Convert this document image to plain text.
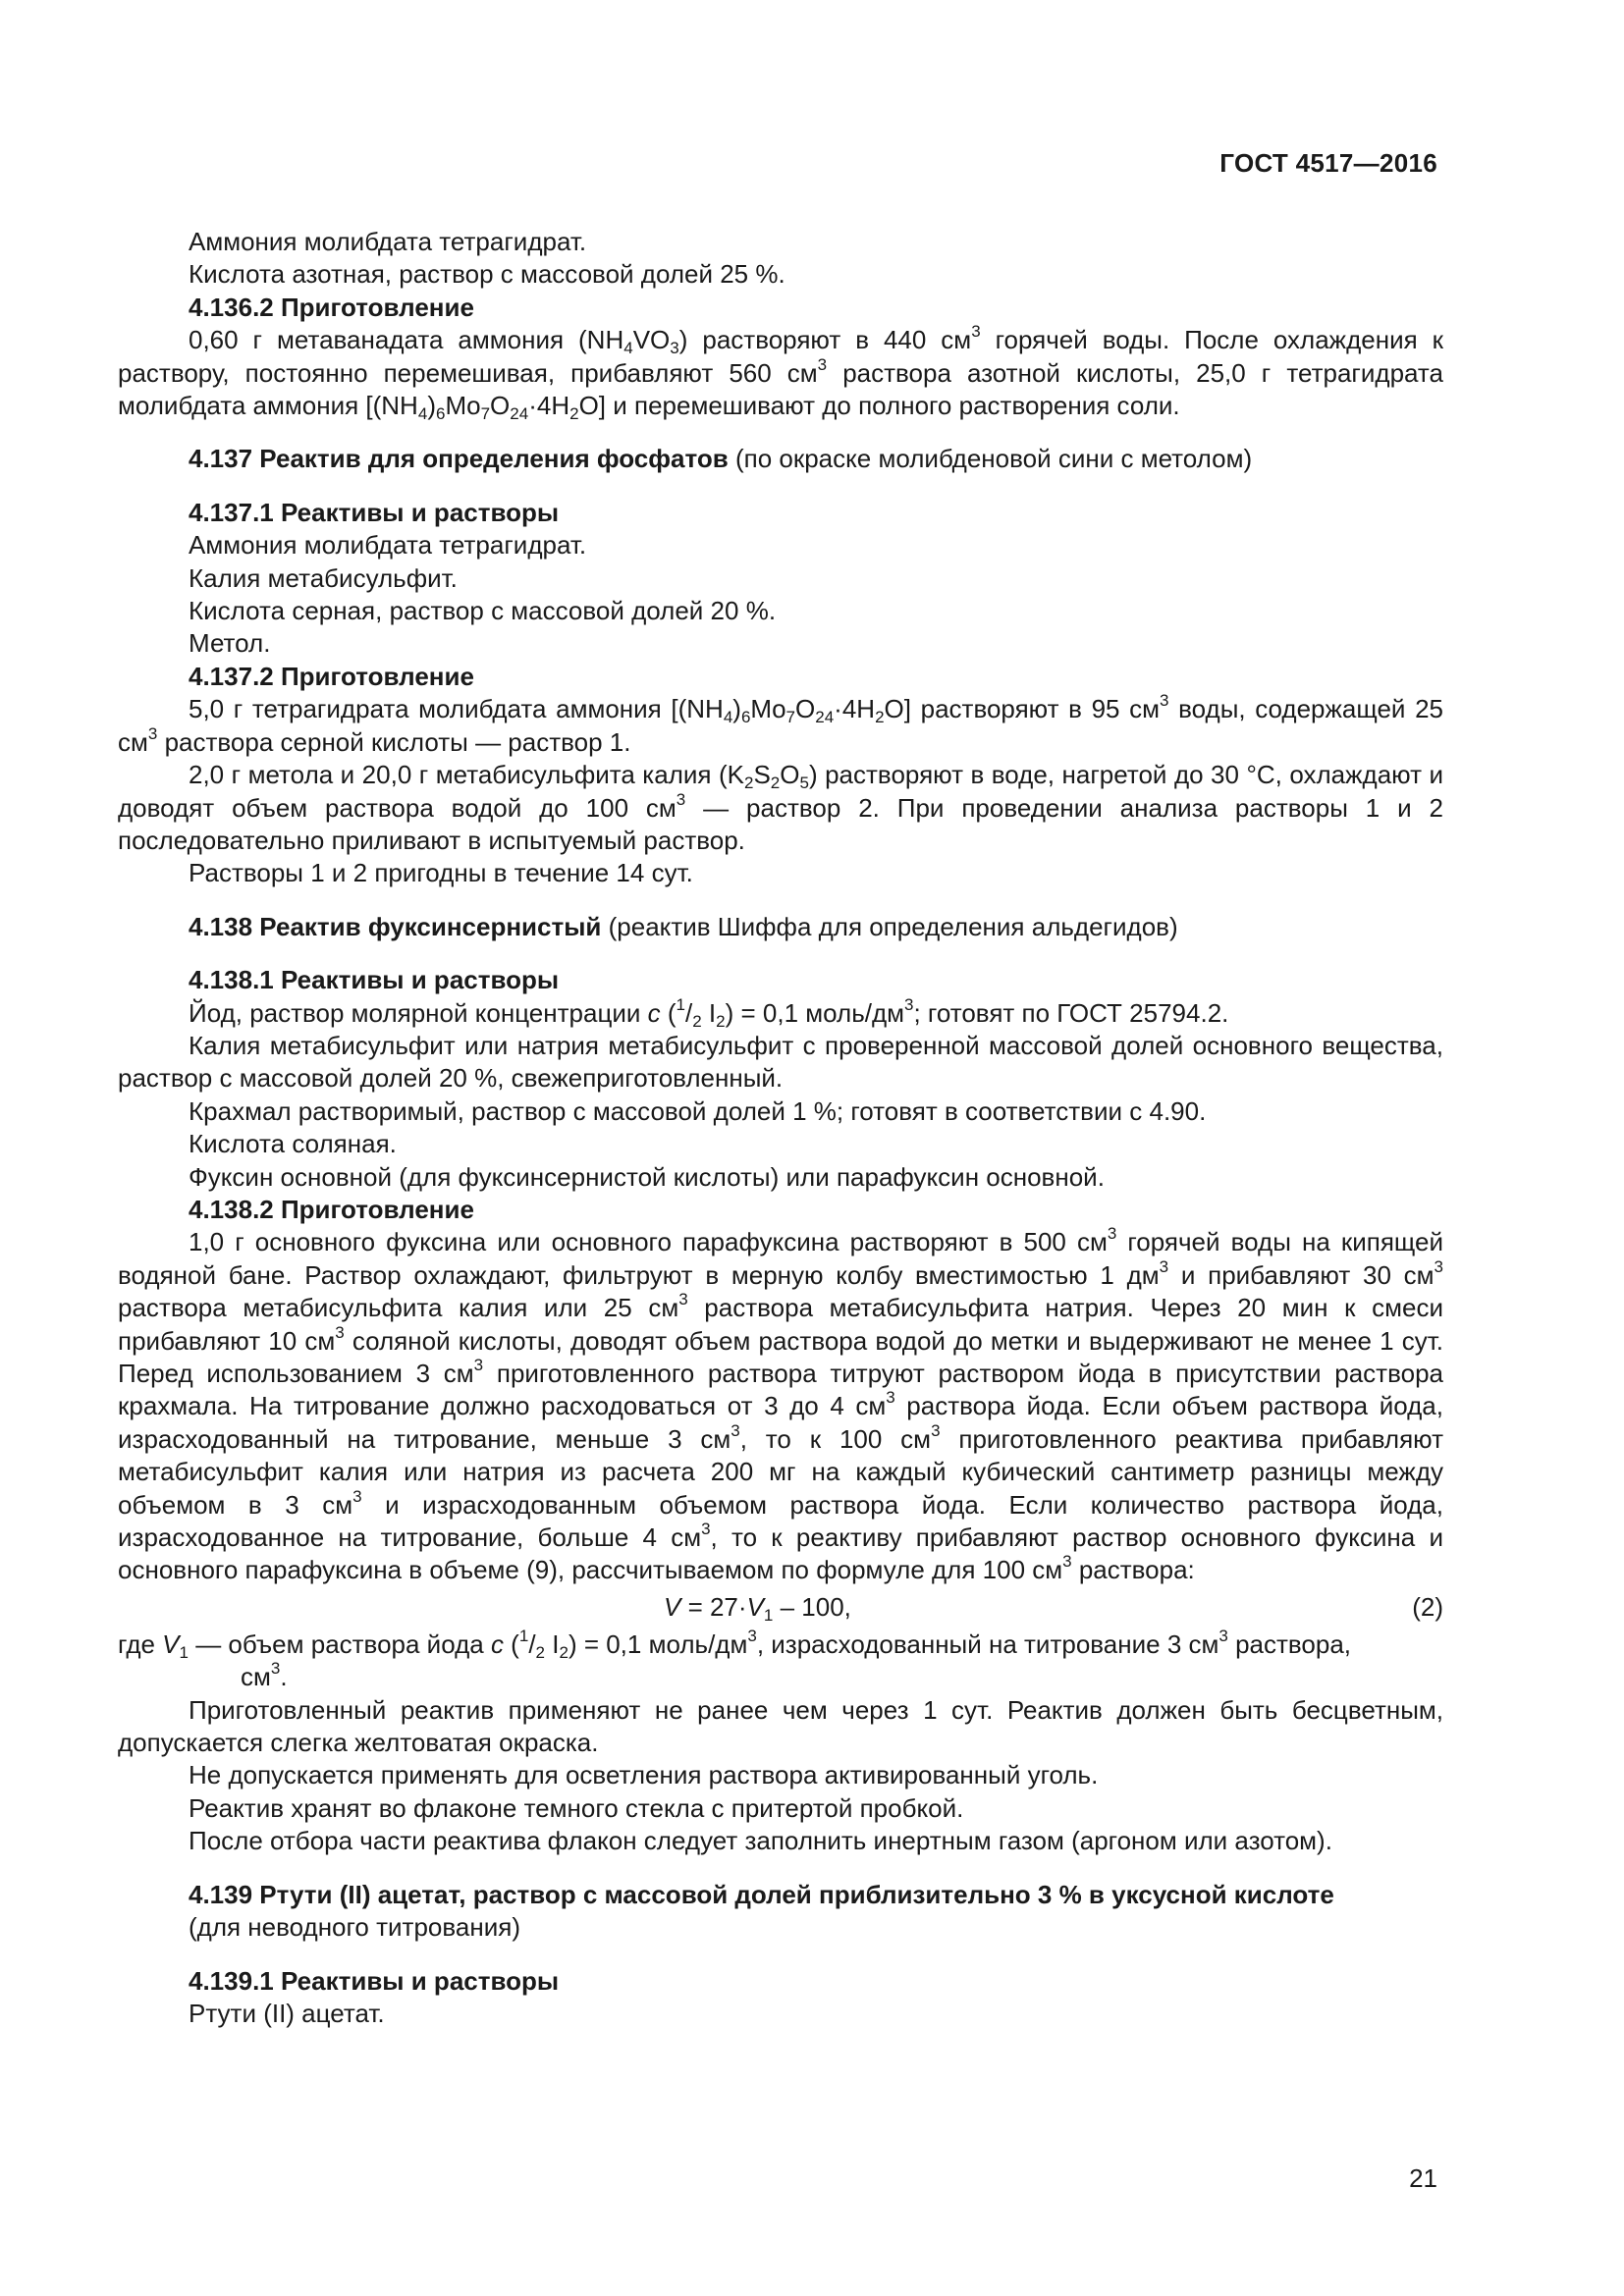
ГОСТ 4517—2016

Аммония молибдата тетрагидрат.

Кислота азотная, раствор с массовой долей 25 %.

4.136.2 Приготовление

0,60 г метаванадата аммония $(NH_4VO_3)$ растворяют в 440 $см^3$ горячей воды. После охлаждения к раствору, постоянно перемешивая, прибавляют 560 $см^3$ раствора азотной кислоты, 25,0 г тетрагидрата молибдата аммония $[(NH_4)_6Mo_7O_{24}\cdot 4H_2O]$ и перемешивают до полного растворения соли.

4.137 Реактив для определения фосфатов (по окраске молибденовой сини с метолом)

4.137.1 Реактивы и растворы

Аммония молибдата тетрагидрат.

Калия метабисульфит.

Кислота серная, раствор с массовой долей 20 %.

Метол.

4.137.2 Приготовление

5,0 г тетрагидрата молибдата аммония $[(NH_4)_6Mo_7O_{24}\cdot 4H_2O]$ растворяют в 95 $см^3$ воды, содержащей 25 $см^3$ раствора серной кислоты — раствор 1.

2,0 г метола и 20,0 г метабисульфита калия $(K_2S_2O_5)$ растворяют в воде, нагретой до 30 °С, охлаждают и доводят объем раствора водой до 100 $см^3$ — раствор 2. При проведении анализа растворы 1 и 2 последовательно приливают в испытуемый раствор.

Растворы 1 и 2 пригодны в течение 14 сут.

4.138 Реактив фуксинсернистый (реактив Шиффа для определения альдегидов)

4.138.1 Реактивы и растворы

Йод, раствор молярной концентрации c ($^1/_2$ $I_2) = 0,1$ моль/$дм^3$; готовят по ГОСТ 25794.2.

Калия метабисульфит или натрия метабисульфит с проверенной массовой долей основного вещества, раствор с массовой долей 20 %, свежеприготовленный.

Крахмал растворимый, раствор с массовой долей 1 %; готовят в соответствии с 4.90.

Кислота соляная.

Фуксин основной (для фуксинсернистой кислоты) или парафуксин основной.

4.138.2 Приготовление

1,0 г основного фуксина или основного парафуксина растворяют в 500 $см^3$ горячей воды на кипящей водяной бане. Раствор охлаждают, фильтруют в мерную колбу вместимостью 1 $дм^3$ и прибавляют 30 $см^3$ раствора метабисульфита калия или 25 $см^3$ раствора метабисульфита натрия. Через 20 мин к смеси прибавляют 10 $см^3$ соляной кислоты, доводят объем раствора водой до метки и выдерживают не менее 1 сут. Перед использованием 3 $см^3$ приготовленного раствора титруют раствором йода в присутствии раствора крахмала. На титрование должно расходоваться от 3 до 4 $см^3$ раствора йода. Если объем раствора йода, израсходованный на титрование, меньше 3 $см^3$, то к 100 $см^3$ приготовленного реактива прибавляют метабисульфит калия или натрия из расчета 200 мг на каждый кубический сантиметр разницы между объемом в 3 $см^3$ и израсходованным объемом раствора йода. Если количество раствора йода, израсходованное на титрование, больше 4 $см^3$, то к реактиву прибавляют раствор основного фуксина и основного парафуксина в объеме (9), рассчитываемом по формуле для 100 $см^3$ раствора:

$V = 27\cdot V_1 - 100$,	(2)

где $V_1$ — объем раствора йода c ($^1/_2$ $I_2) = 0,1$ моль/$дм^3$, израсходованный на титрование 3 $см^3$ раствора,

$см^3$.

Приготовленный реактив применяют не ранее чем через 1 сут. Реактив должен быть бесцветным, допускается слегка желтоватая окраска.

Не допускается применять для осветления раствора активированный уголь.

Реактив хранят во флаконе темного стекла с притертой пробкой.

После отбора части реактива флакон следует заполнить инертным газом (аргоном или азотом).

4.139 Ртути (II) ацетат, раствор с массовой долей приблизительно 3 % в уксусной кислоте

(для неводного титрования)

4.139.1 Реактивы и растворы

Ртути (II) ацетат.

21
